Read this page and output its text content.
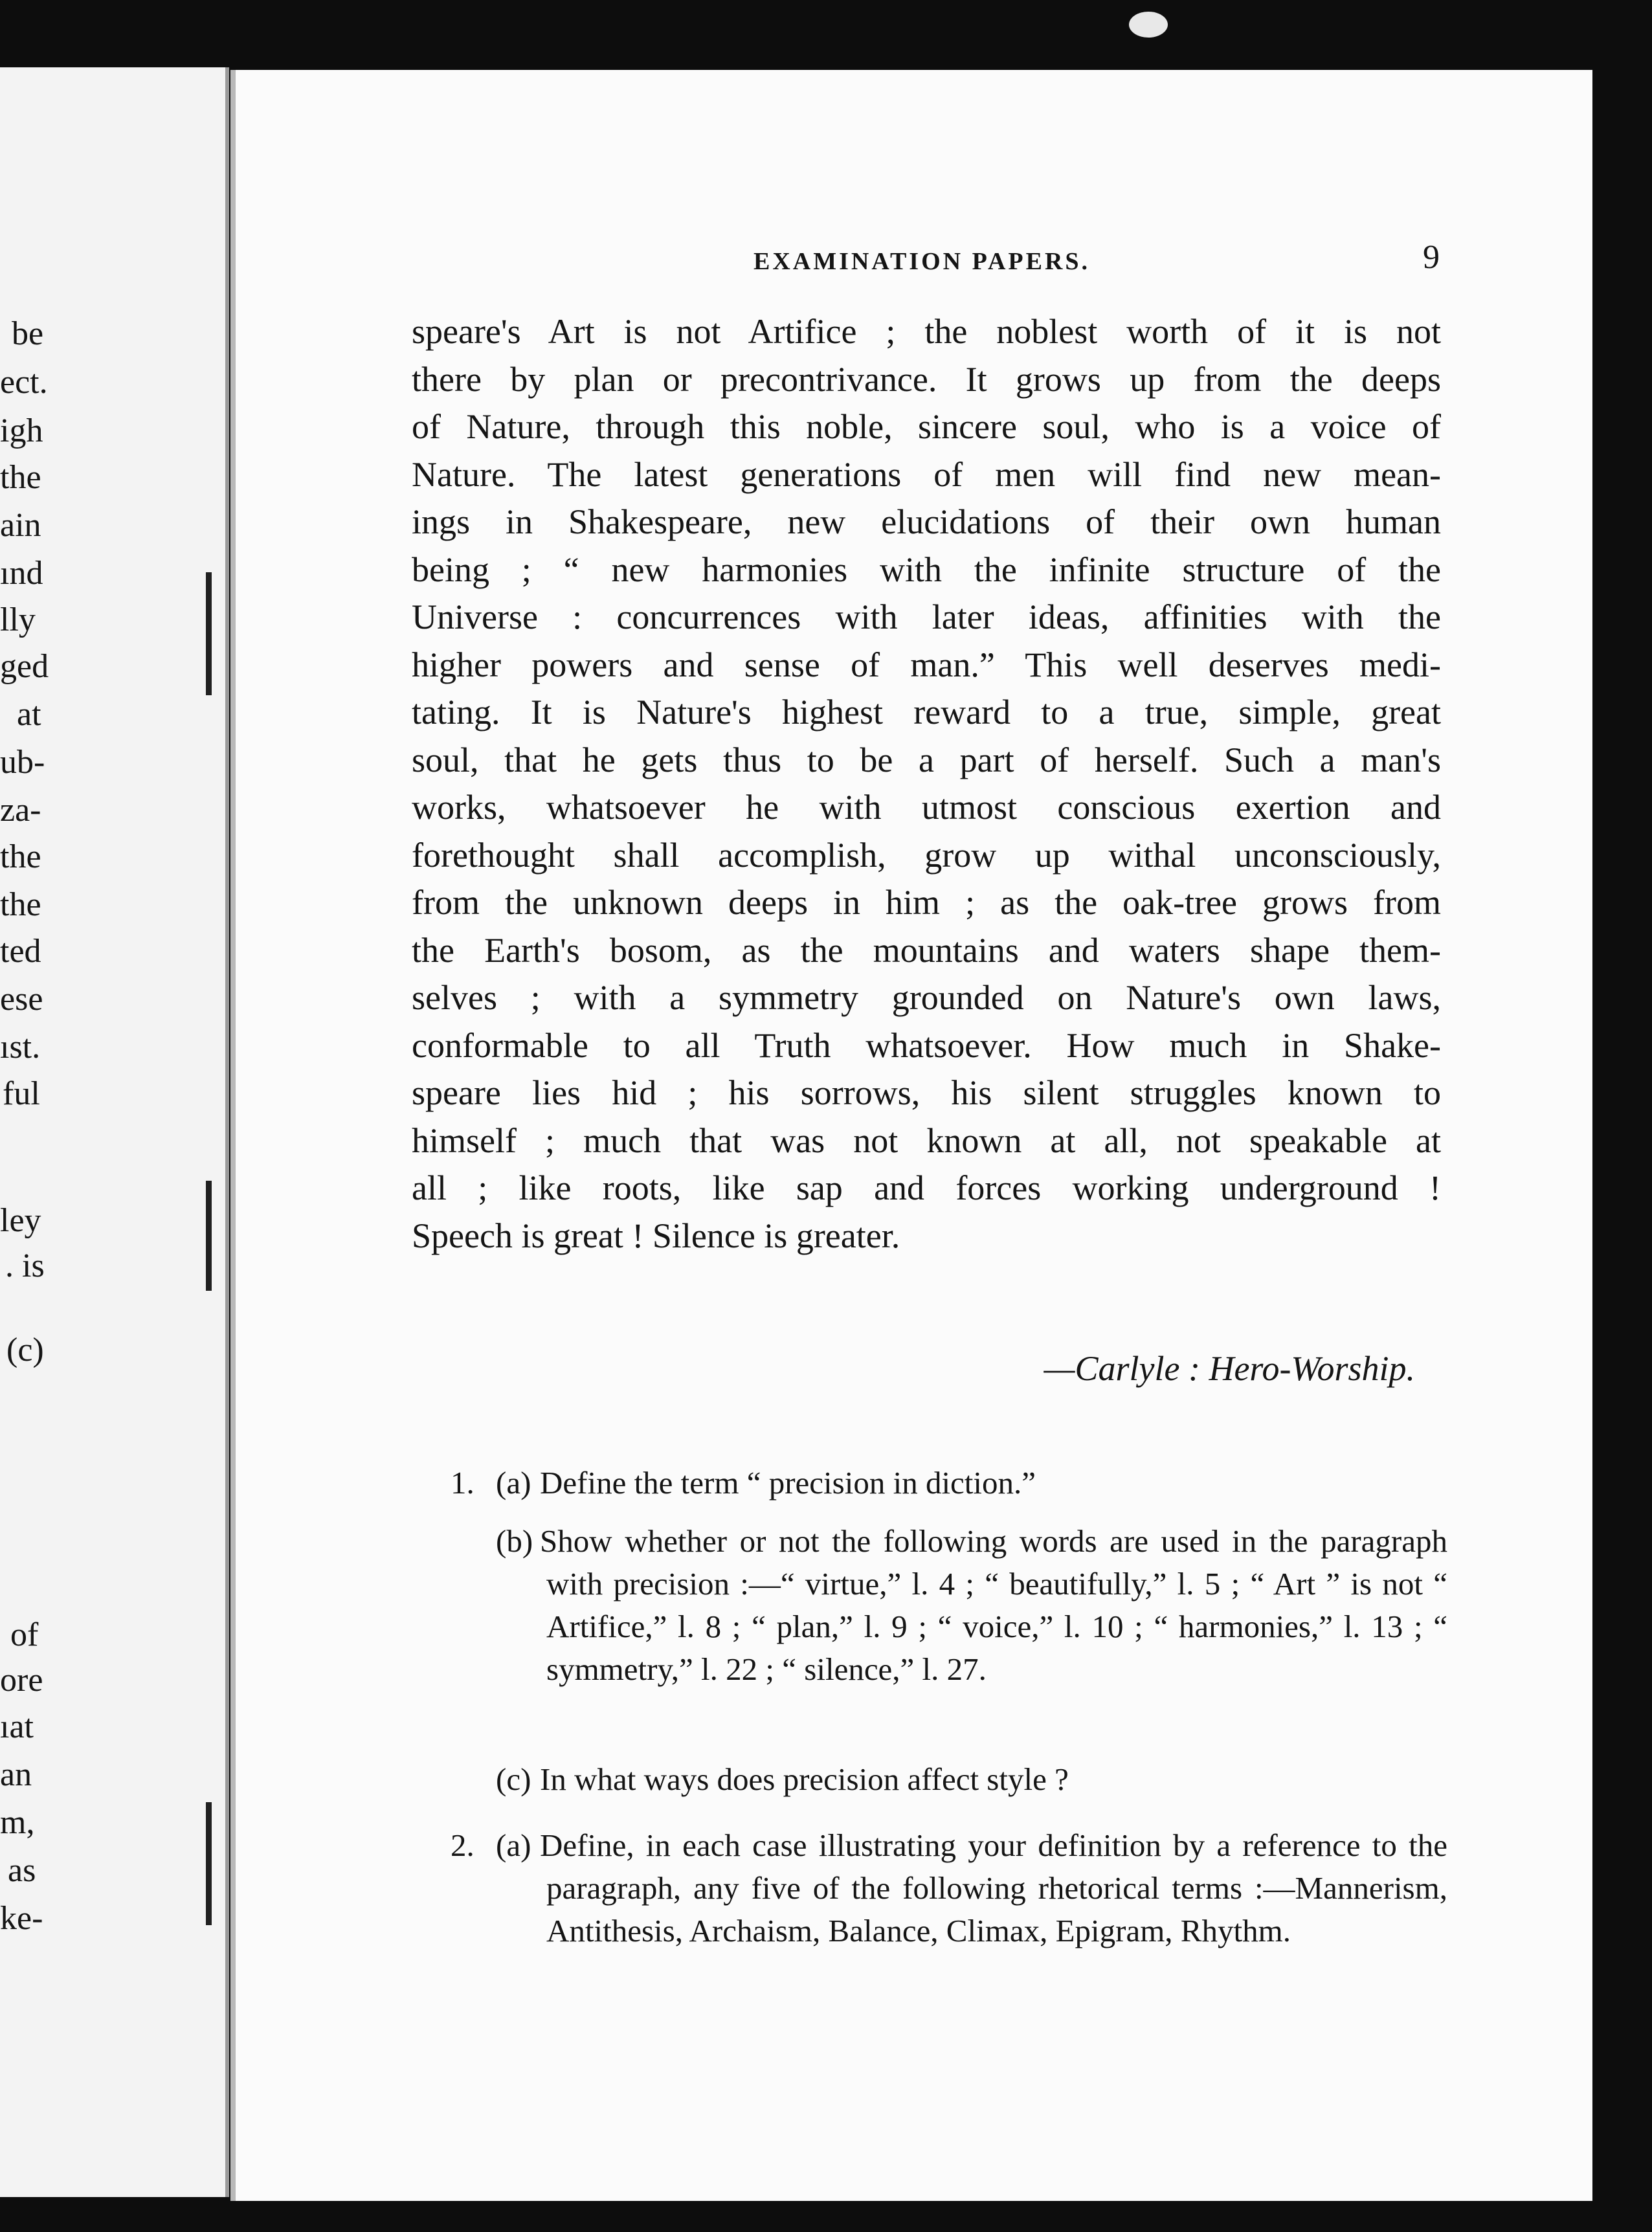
be
ect.
igh
the
ain
ınd
lly
ged
at
ub-
za-
the
the
ted
ese
ıst.
ful
ley
. is
(c)
of
ore
ıat
an
m,
as
ke-
EXAMINATION PAPERS.	9
speare's Art is not Artifice ; the noblest worth of it is not
there by plan or precontrivance. It grows up from the deeps
of Nature, through this noble, sincere soul, who is a voice of
Nature. The latest generations of men will find new mean-
ings in Shakespeare, new elucidations of their own human
being ; “ new harmonies with the infinite structure of the
Universe : concurrences with later ideas, affinities with the
higher powers and sense of man.” This well deserves medi-
tating. It is Nature's highest reward to a true, simple, great
soul, that he gets thus to be a part of herself. Such a man's
works, whatsoever he with utmost conscious exertion and
forethought shall accomplish, grow up withal unconsciously,
from the unknown deeps in him ; as the oak-tree grows from
the Earth's bosom, as the mountains and waters shape them-
selves ; with a symmetry grounded on Nature's own laws,
conformable to all Truth whatsoever. How much in Shake-
speare lies hid ; his sorrows, his silent struggles known to
himself ; much that was not known at all, not speakable at
all ; like roots, like sap and forces working underground !
Speech is great ! Silence is greater.
—Carlyle : Hero-Worship.
1. (a) Define the term “ precision in diction.”
(b) Show whether or not the following words are used in the paragraph with precision :—“ virtue,” l. 4 ; “ beautifully,” l. 5 ; “ Art ” is not “ Artifice,” l. 8 ; “ plan,” l. 9 ; “ voice,” l. 10 ; “ harmonies,” l. 13 ; “ symmetry,” l. 22 ; “ silence,” l. 27.
(c) In what ways does precision affect style ?
2. (a) Define, in each case illustrating your definition by a reference to the paragraph, any five of the following rhetorical terms :—Mannerism, Antithesis, Archaism, Balance, Climax, Epigram, Rhythm.
